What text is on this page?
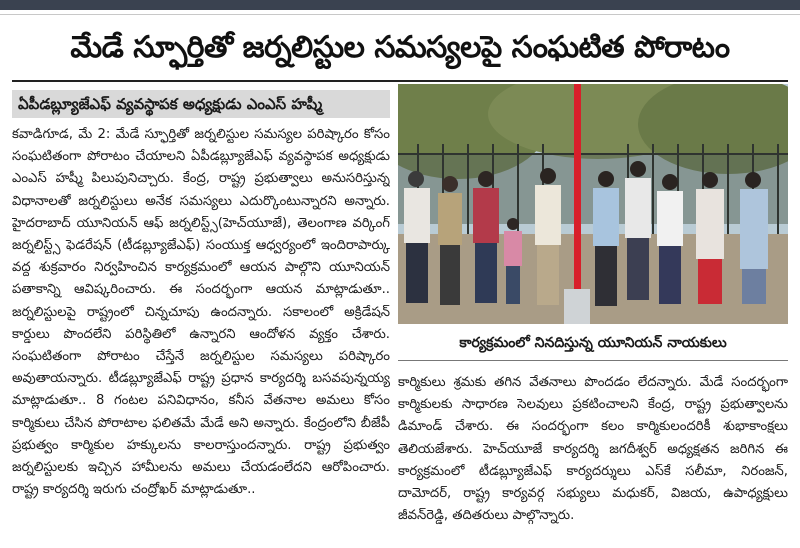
మేడే స్ఫూర్తితో జర్నలిస్టుల సమస్యలపై సంఘటిత పోరాటం
ఏపీడబ్ల్యూజేఎఫ్ వ్యవస్థాపక అధ్యక్షుడు ఎంఎస్ హష్మీ

కవాడిగూడ, మే 2: మేడే స్ఫూర్తితో జర్నలిస్టుల సమస్యల పరిష్కారం కోసం సంఘటితంగా పోరాటం చేయాలని ఏపీడబ్ల్యూజేఎఫ్ వ్యవస్థాపక అధ్యక్షుడు ఎంఎస్ హష్మీ పిలుపునిచ్చారు. కేంద్ర, రాష్ట్ర ప్రభుత్వాలు అనుసరిస్తున్న విధానాలతో జర్నలిస్టులు అనేక సమస్యలు ఎదుర్కొంటున్నారని అన్నారు. హైదరాబాద్ యూనియన్ ఆఫ్ జర్నలిస్ట్స్(హెచ్‌యూజే), తెలంగాణ వర్కింగ్ జర్నలిస్ట్స్ ఫెడరేషన్ (టీడబ్ల్యూజేఎఫ్) సంయుక్త ఆధ్వర్యంలో ఇందిరాపార్కు వద్ద శుక్రవారం నిర్వహించిన కార్యక్రమంలో ఆయన పాల్గొని యూనియన్ పతాకాన్ని ఆవిష్కరించారు. ఈ సందర్భంగా ఆయన మాట్లాడుతూ.. జర్నలిస్టులపై రాష్ట్రంలో చిన్నచూపు ఉందన్నారు. సకాలంలో అక్రిడేషన్ కార్డులు పొందలేని పరిస్థితిలో ఉన్నారని ఆందోళన వ్యక్తం చేశారు. సంఘటితంగా పోరాటం చేస్తేనే జర్నలిస్టుల సమస్యలు పరిష్కారం అవుతాయన్నారు. టీడబ్ల్యూజేఎఫ్ రాష్ట్ర ప్రధాన కార్యదర్శి బసవపున్నయ్య మాట్లాడుతూ.. 8 గంటల పనివిధానం, కనీస వేతనాల అమలు కోసం కార్మికులు చేసిన పోరాటాల ఫలితమే మేడే అని అన్నారు. కేంద్రంలోని బీజేపీ ప్రభుత్వం కార్మికుల హక్కులను కాలరాస్తుందన్నారు. రాష్ట్ర ప్రభుత్వం జర్నలిస్టులకు ఇచ్చిన హామీలను అమలు చేయడంలేదని ఆరోపించారు. రాష్ట్ర కార్యదర్శి ఇరుగు చంద్రోఖర్ మాట్లాడుతూ..

కార్యక్రమంలో నినదిస్తున్న యూనియన్ నాయకులు

కార్మికులు శ్రమకు తగిన వేతనాలు పొందడం లేదన్నారు. మేడే సందర్భంగా కార్మికులకు సాధారణ సెలవులు ప్రకటించాలని కేంద్ర, రాష్ట్ర ప్రభుత్వాలను డిమాండ్ చేశారు. ఈ సందర్భంగా కలం కార్మికులందరికీ శుభాకాంక్షలు తెలియజేశారు. హెచ్‌యూజే కార్యదర్శి జగదీశ్వర్ అధ్యక్షతన జరిగిన ఈ కార్యక్రమంలో టీడబ్ల్యూజేఎఫ్ కార్యదర్శులు ఎస్‌కే సలీమా, నిరంజన్, దామోదర్, రాష్ట్ర కార్యవర్గ సభ్యులు మధుకర్, విజయ, ఉపాధ్యక్షులు జీవన్‌రెడ్డి, తదితరులు పాల్గొన్నారు.
